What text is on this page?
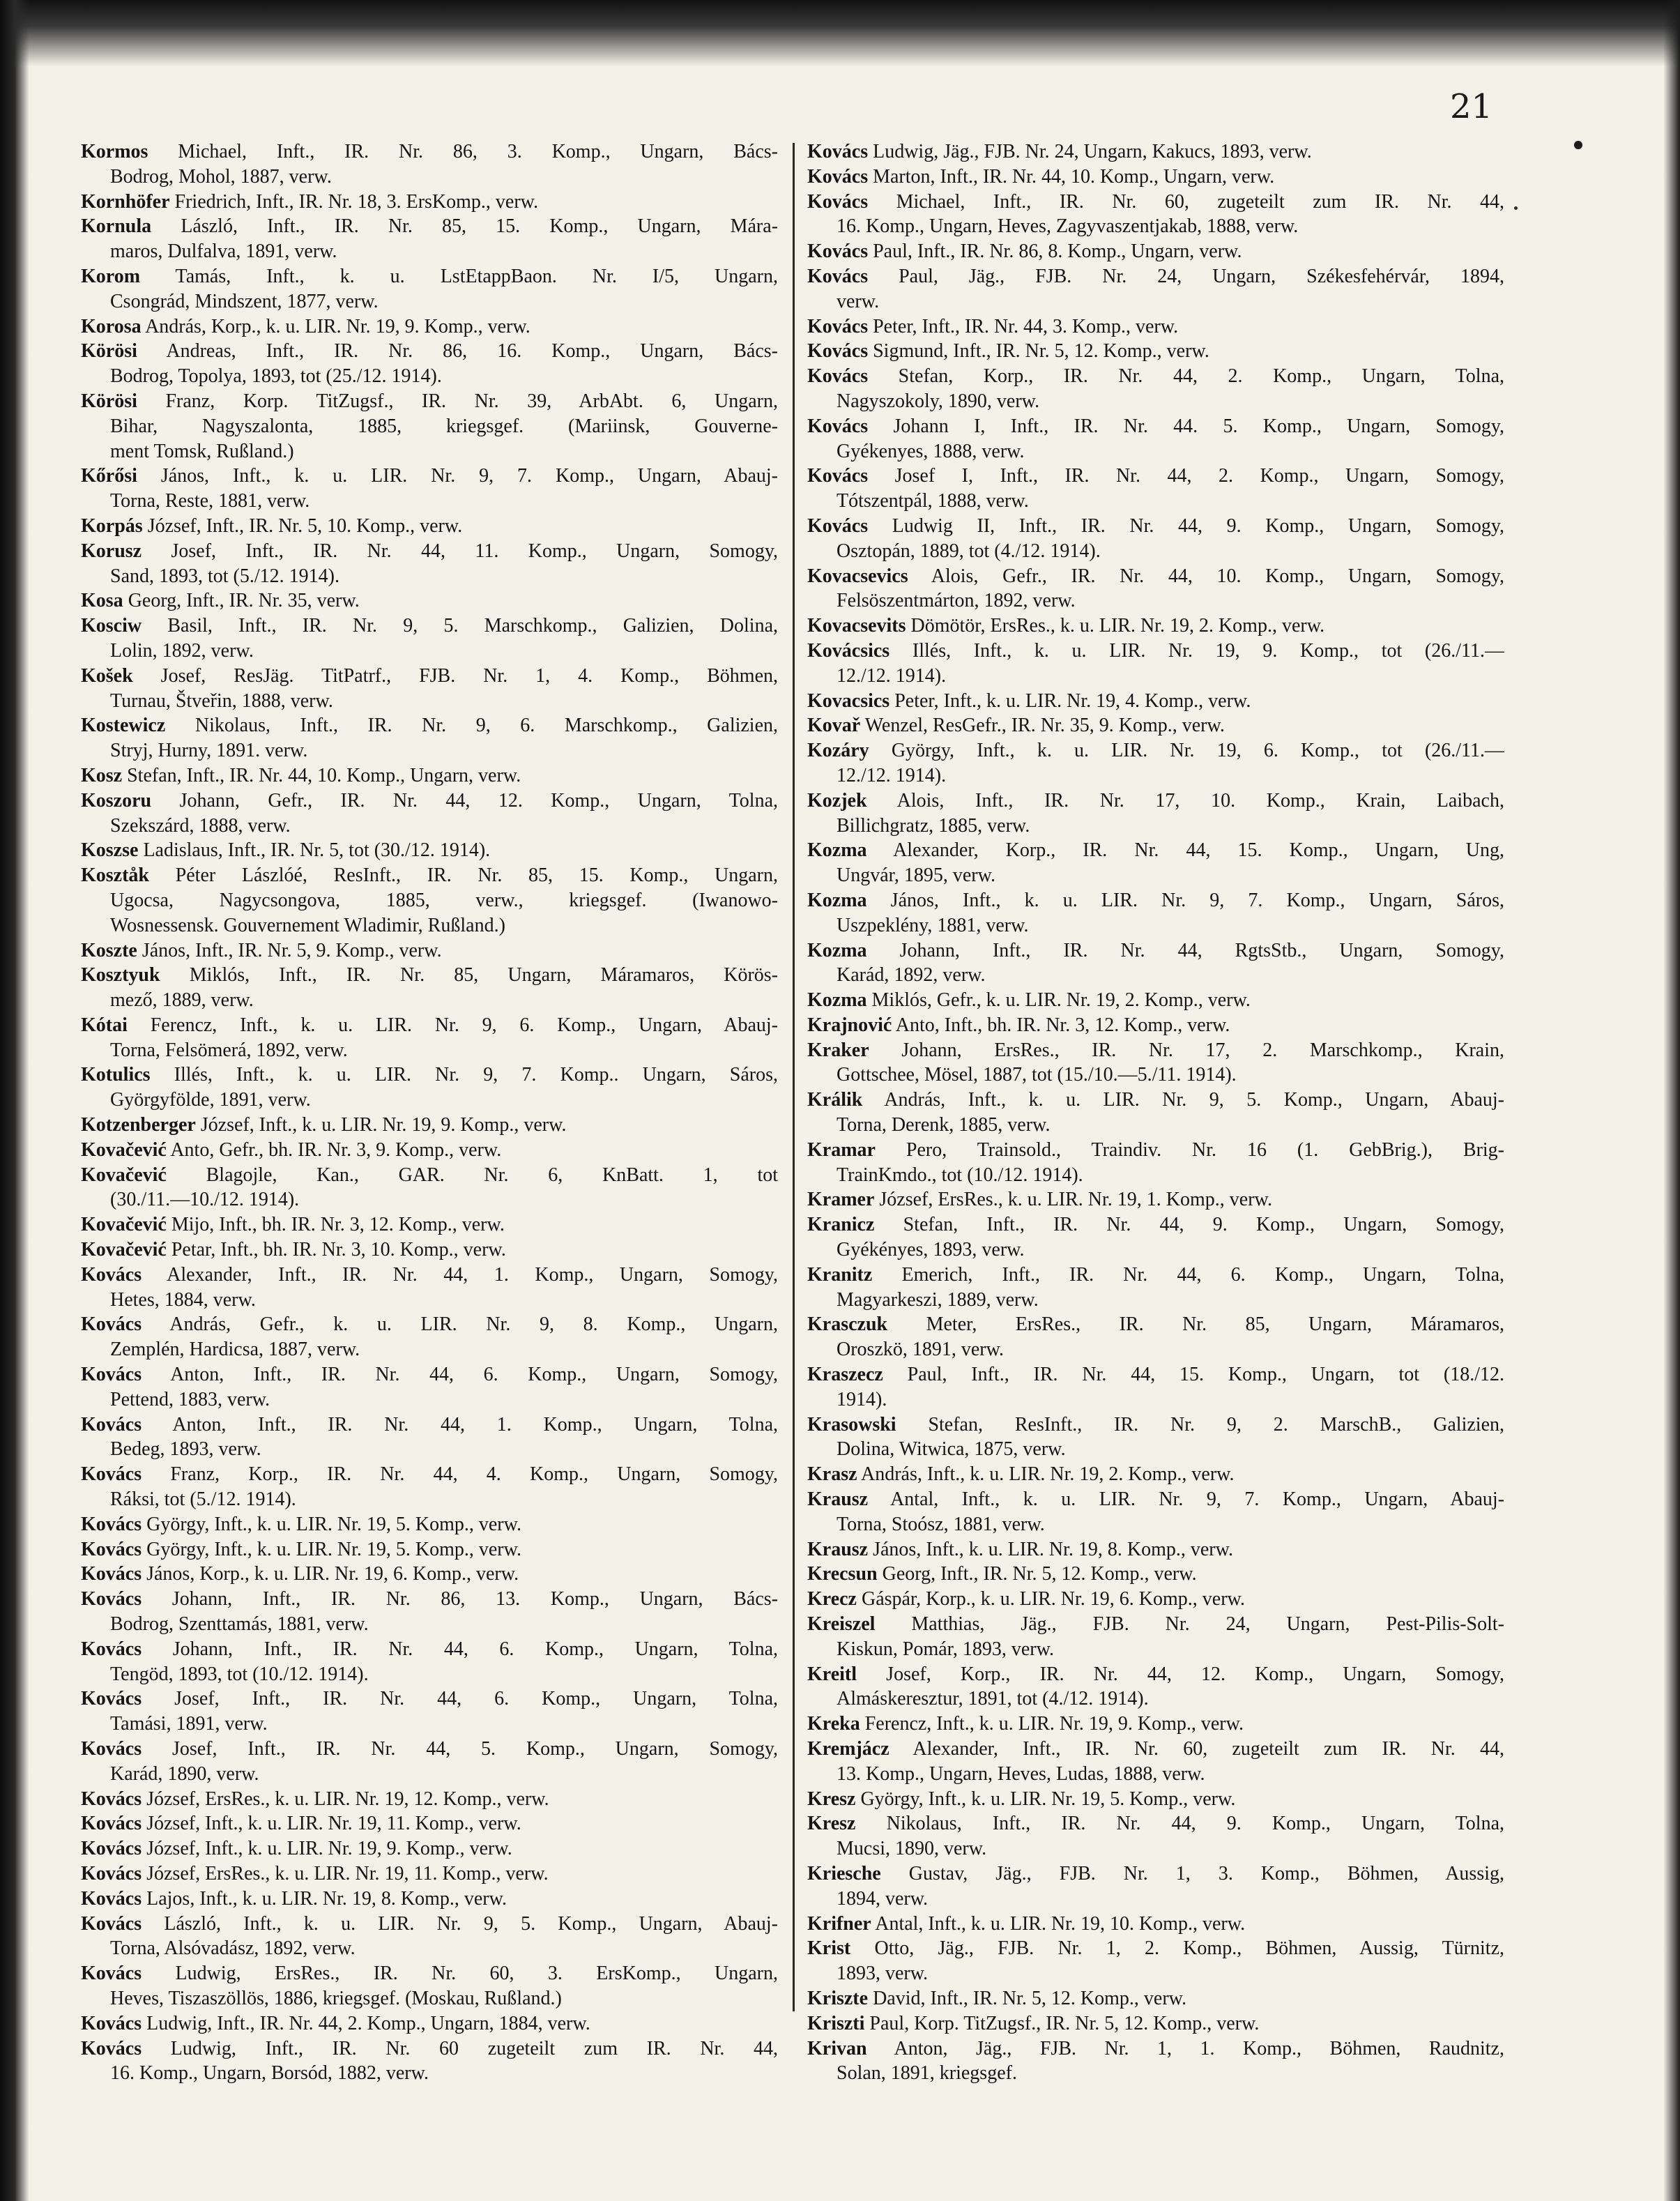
21
Kormos Michael, Inft., IR. Nr. 86, 3. Komp., Ungarn, Bács-
Bodrog, Mohol, 1887, verw.
Kornhöfer Friedrich, Inft., IR. Nr. 18, 3. ErsKomp., verw.
Kornula László, Inft., IR. Nr. 85, 15. Komp., Ungarn, Mára-
maros, Dulfalva, 1891, verw.
Korom Tamás, Inft., k. u. LstEtappBaon. Nr. I/5, Ungarn,
Csongrád, Mindszent, 1877, verw.
Korosa András, Korp., k. u. LIR. Nr. 19, 9. Komp., verw.
Körösi Andreas, Inft., IR. Nr. 86, 16. Komp., Ungarn, Bács-
Bodrog, Topolya, 1893, tot (25./12. 1914).
Körösi Franz, Korp. TitZugsf., IR. Nr. 39, ArbAbt. 6, Ungarn,
Bihar, Nagyszalonta, 1885, kriegsgef. (Mariinsk, Gouverne-
ment Tomsk, Rußland.)
Kőrősi János, Inft., k. u. LIR. Nr. 9, 7. Komp., Ungarn, Abauj-
Torna, Reste, 1881, verw.
Korpás József, Inft., IR. Nr. 5, 10. Komp., verw.
Korusz Josef, Inft., IR. Nr. 44, 11. Komp., Ungarn, Somogy,
Sand, 1893, tot (5./12. 1914).
Kosa Georg, Inft., IR. Nr. 35, verw.
Kosciw Basil, Inft., IR. Nr. 9, 5. Marschkomp., Galizien, Dolina,
Lolin, 1892, verw.
Košek Josef, ResJäg. TitPatrf., FJB. Nr. 1, 4. Komp., Böhmen,
Turnau, Štveřin, 1888, verw.
Kostewicz Nikolaus, Inft., IR. Nr. 9, 6. Marschkomp., Galizien,
Stryj, Hurny, 1891. verw.
Kosz Stefan, Inft., IR. Nr. 44, 10. Komp., Ungarn, verw.
Koszoru Johann, Gefr., IR. Nr. 44, 12. Komp., Ungarn, Tolna,
Szekszárd, 1888, verw.
Koszse Ladislaus, Inft., IR. Nr. 5, tot (30./12. 1914).
Kosztåk Péter Lászlóé, ResInft., IR. Nr. 85, 15. Komp., Ungarn,
Ugocsa, Nagycsongova, 1885, verw., kriegsgef. (Iwanowo-
Wosnessensk. Gouvernement Wladimir, Rußland.)
Koszte János, Inft., IR. Nr. 5, 9. Komp., verw.
Kosztyuk Miklós, Inft., IR. Nr. 85, Ungarn, Máramaros, Körös-
mező, 1889, verw.
Kótai Ferencz, Inft., k. u. LIR. Nr. 9, 6. Komp., Ungarn, Abauj-
Torna, Felsömerá, 1892, verw.
Kotulics Illés, Inft., k. u. LIR. Nr. 9, 7. Komp.. Ungarn, Sáros,
Györgyfölde, 1891, verw.
Kotzenberger József, Inft., k. u. LIR. Nr. 19, 9. Komp., verw.
Kovačević Anto, Gefr., bh. IR. Nr. 3, 9. Komp., verw.
Kovačević Blagojle, Kan., GAR. Nr. 6, KnBatt. 1, tot
(30./11.—10./12. 1914).
Kovačević Mijo, Inft., bh. IR. Nr. 3, 12. Komp., verw.
Kovačević Petar, Inft., bh. IR. Nr. 3, 10. Komp., verw.
Kovács Alexander, Inft., IR. Nr. 44, 1. Komp., Ungarn, Somogy,
Hetes, 1884, verw.
Kovács András, Gefr., k. u. LIR. Nr. 9, 8. Komp., Ungarn,
Zemplén, Hardicsa, 1887, verw.
Kovács Anton, Inft., IR. Nr. 44, 6. Komp., Ungarn, Somogy,
Pettend, 1883, verw.
Kovács Anton, Inft., IR. Nr. 44, 1. Komp., Ungarn, Tolna,
Bedeg, 1893, verw.
Kovács Franz, Korp., IR. Nr. 44, 4. Komp., Ungarn, Somogy,
Ráksi, tot (5./12. 1914).
Kovács György, Inft., k. u. LIR. Nr. 19, 5. Komp., verw.
Kovács György, Inft., k. u. LIR. Nr. 19, 5. Komp., verw.
Kovács János, Korp., k. u. LIR. Nr. 19, 6. Komp., verw.
Kovács Johann, Inft., IR. Nr. 86, 13. Komp., Ungarn, Bács-
Bodrog, Szenttamás, 1881, verw.
Kovács Johann, Inft., IR. Nr. 44, 6. Komp., Ungarn, Tolna,
Tengöd, 1893, tot (10./12. 1914).
Kovács Josef, Inft., IR. Nr. 44, 6. Komp., Ungarn, Tolna,
Tamási, 1891, verw.
Kovács Josef, Inft., IR. Nr. 44, 5. Komp., Ungarn, Somogy,
Karád, 1890, verw.
Kovács József, ErsRes., k. u. LIR. Nr. 19, 12. Komp., verw.
Kovács József, Inft., k. u. LIR. Nr. 19, 11. Komp., verw.
Kovács József, Inft., k. u. LIR. Nr. 19, 9. Komp., verw.
Kovács József, ErsRes., k. u. LIR. Nr. 19, 11. Komp., verw.
Kovács Lajos, Inft., k. u. LIR. Nr. 19, 8. Komp., verw.
Kovács László, Inft., k. u. LIR. Nr. 9, 5. Komp., Ungarn, Abauj-
Torna, Alsóvadász, 1892, verw.
Kovács Ludwig, ErsRes., IR. Nr. 60, 3. ErsKomp., Ungarn,
Heves, Tiszaszöllös, 1886, kriegsgef. (Moskau, Rußland.)
Kovács Ludwig, Inft., IR. Nr. 44, 2. Komp., Ungarn, 1884, verw.
Kovács Ludwig, Inft., IR. Nr. 60 zugeteilt zum IR. Nr. 44,
16. Komp., Ungarn, Borsód, 1882, verw.
Kovács Ludwig, Jäg., FJB. Nr. 24, Ungarn, Kakucs, 1893, verw.
Kovács Marton, Inft., IR. Nr. 44, 10. Komp., Ungarn, verw.
Kovács Michael, Inft., IR. Nr. 60, zugeteilt zum IR. Nr. 44,
16. Komp., Ungarn, Heves, Zagyvaszentjakab, 1888, verw.
Kovács Paul, Inft., IR. Nr. 86, 8. Komp., Ungarn, verw.
Kovács Paul, Jäg., FJB. Nr. 24, Ungarn, Székesfehérvár, 1894,
verw.
Kovács Peter, Inft., IR. Nr. 44, 3. Komp., verw.
Kovács Sigmund, Inft., IR. Nr. 5, 12. Komp., verw.
Kovács Stefan, Korp., IR. Nr. 44, 2. Komp., Ungarn, Tolna,
Nagyszokoly, 1890, verw.
Kovács Johann I, Inft., IR. Nr. 44. 5. Komp., Ungarn, Somogy,
Gyékenyes, 1888, verw.
Kovács Josef I, Inft., IR. Nr. 44, 2. Komp., Ungarn, Somogy,
Tótszentpál, 1888, verw.
Kovács Ludwig II, Inft., IR. Nr. 44, 9. Komp., Ungarn, Somogy,
Osztopán, 1889, tot (4./12. 1914).
Kovacsevics Alois, Gefr., IR. Nr. 44, 10. Komp., Ungarn, Somogy,
Felsöszentmárton, 1892, verw.
Kovacsevits Dömötör, ErsRes., k. u. LIR. Nr. 19, 2. Komp., verw.
Kovácsics Illés, Inft., k. u. LIR. Nr. 19, 9. Komp., tot (26./11.—
12./12. 1914).
Kovacsics Peter, Inft., k. u. LIR. Nr. 19, 4. Komp., verw.
Kovař Wenzel, ResGefr., IR. Nr. 35, 9. Komp., verw.
Kozáry György, Inft., k. u. LIR. Nr. 19, 6. Komp., tot (26./11.—
12./12. 1914).
Kozjek Alois, Inft., IR. Nr. 17, 10. Komp., Krain, Laibach,
Billichgratz, 1885, verw.
Kozma Alexander, Korp., IR. Nr. 44, 15. Komp., Ungarn, Ung,
Ungvár, 1895, verw.
Kozma János, Inft., k. u. LIR. Nr. 9, 7. Komp., Ungarn, Sáros,
Uszpeklény, 1881, verw.
Kozma Johann, Inft., IR. Nr. 44, RgtsStb., Ungarn, Somogy,
Karád, 1892, verw.
Kozma Miklós, Gefr., k. u. LIR. Nr. 19, 2. Komp., verw.
Krajnović Anto, Inft., bh. IR. Nr. 3, 12. Komp., verw.
Kraker Johann, ErsRes., IR. Nr. 17, 2. Marschkomp., Krain,
Gottschee, Mösel, 1887, tot (15./10.—5./11. 1914).
Králik András, Inft., k. u. LIR. Nr. 9, 5. Komp., Ungarn, Abauj-
Torna, Derenk, 1885, verw.
Kramar Pero, Trainsold., Traindiv. Nr. 16 (1. GebBrig.), Brig-
TrainKmdo., tot (10./12. 1914).
Kramer József, ErsRes., k. u. LIR. Nr. 19, 1. Komp., verw.
Kranicz Stefan, Inft., IR. Nr. 44, 9. Komp., Ungarn, Somogy,
Gyékényes, 1893, verw.
Kranitz Emerich, Inft., IR. Nr. 44, 6. Komp., Ungarn, Tolna,
Magyarkeszi, 1889, verw.
Krasczuk Meter, ErsRes., IR. Nr. 85, Ungarn, Máramaros,
Oroszkö, 1891, verw.
Kraszecz Paul, Inft., IR. Nr. 44, 15. Komp., Ungarn, tot (18./12.
1914).
Krasowski Stefan, ResInft., IR. Nr. 9, 2. MarschB., Galizien,
Dolina, Witwica, 1875, verw.
Krasz András, Inft., k. u. LIR. Nr. 19, 2. Komp., verw.
Krausz Antal, Inft., k. u. LIR. Nr. 9, 7. Komp., Ungarn, Abauj-
Torna, Stoósz, 1881, verw.
Krausz János, Inft., k. u. LIR. Nr. 19, 8. Komp., verw.
Krecsun Georg, Inft., IR. Nr. 5, 12. Komp., verw.
Krecz Gáspár, Korp., k. u. LIR. Nr. 19, 6. Komp., verw.
Kreiszel Matthias, Jäg., FJB. Nr. 24, Ungarn, Pest-Pilis-Solt-
Kiskun, Pomár, 1893, verw.
Kreitl Josef, Korp., IR. Nr. 44, 12. Komp., Ungarn, Somogy,
Almáskeresztur, 1891, tot (4./12. 1914).
Kreka Ferencz, Inft., k. u. LIR. Nr. 19, 9. Komp., verw.
Kremjácz Alexander, Inft., IR. Nr. 60, zugeteilt zum IR. Nr. 44,
13. Komp., Ungarn, Heves, Ludas, 1888, verw.
Kresz György, Inft., k. u. LIR. Nr. 19, 5. Komp., verw.
Kresz Nikolaus, Inft., IR. Nr. 44, 9. Komp., Ungarn, Tolna,
Mucsi, 1890, verw.
Kriesche Gustav, Jäg., FJB. Nr. 1, 3. Komp., Böhmen, Aussig,
1894, verw.
Krifner Antal, Inft., k. u. LIR. Nr. 19, 10. Komp., verw.
Krist Otto, Jäg., FJB. Nr. 1, 2. Komp., Böhmen, Aussig, Türnitz,
1893, verw.
Kriszte David, Inft., IR. Nr. 5, 12. Komp., verw.
Kriszti Paul, Korp. TitZugsf., IR. Nr. 5, 12. Komp., verw.
Krivan Anton, Jäg., FJB. Nr. 1, 1. Komp., Böhmen, Raudnitz,
Solan, 1891, kriegsgef.
